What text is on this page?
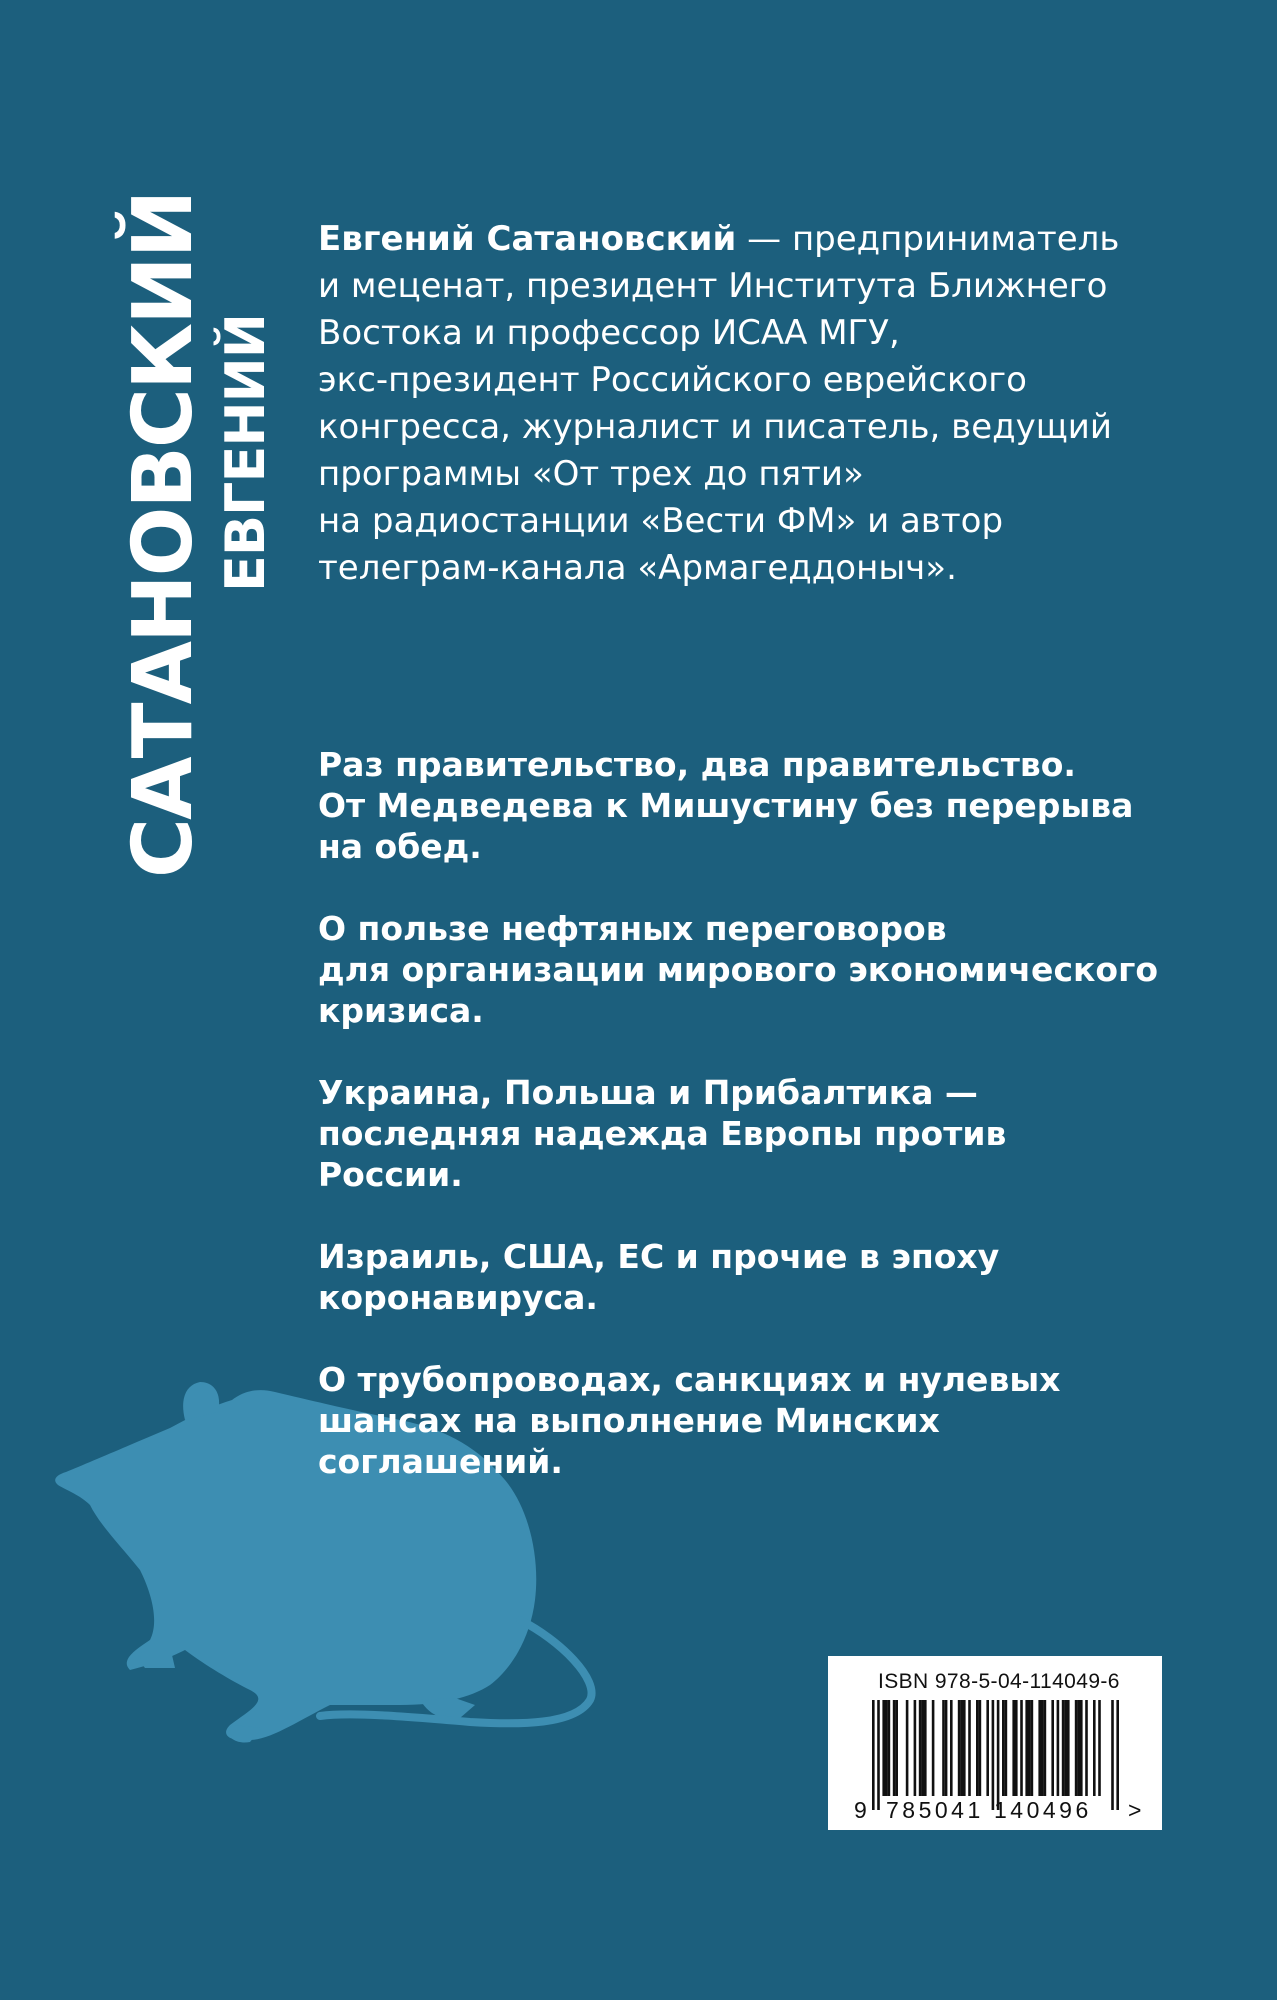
САТАНОВСКИЙ ЕВГЕНИЙ
Евгений Сатановский — предприниматель
и меценат, президент Института Ближнего
Востока и профессор ИСАА МГУ,
экс-президент Российского еврейского
конгресса, журналист и писатель, ведущий
программы «От трех до пяти»
на радиостанции «Вести ФМ» и автор
телеграм-канала «Армагеддоныч».
Раз правительство, два правительство.
От Медведева к Мишустину без перерыва
на обед.
О пользе нефтяных переговоров
для организации мирового экономического
кризиса.
Украина, Польша и Прибалтика —
последняя надежда Европы против
России.
Израиль, США, ЕС и прочие в эпоху
коронавируса.
О трубопроводах, санкциях и нулевых
шансах на выполнение Минских
соглашений.
ISBN 978-5-04-114049-6
9 785041 140496 >
